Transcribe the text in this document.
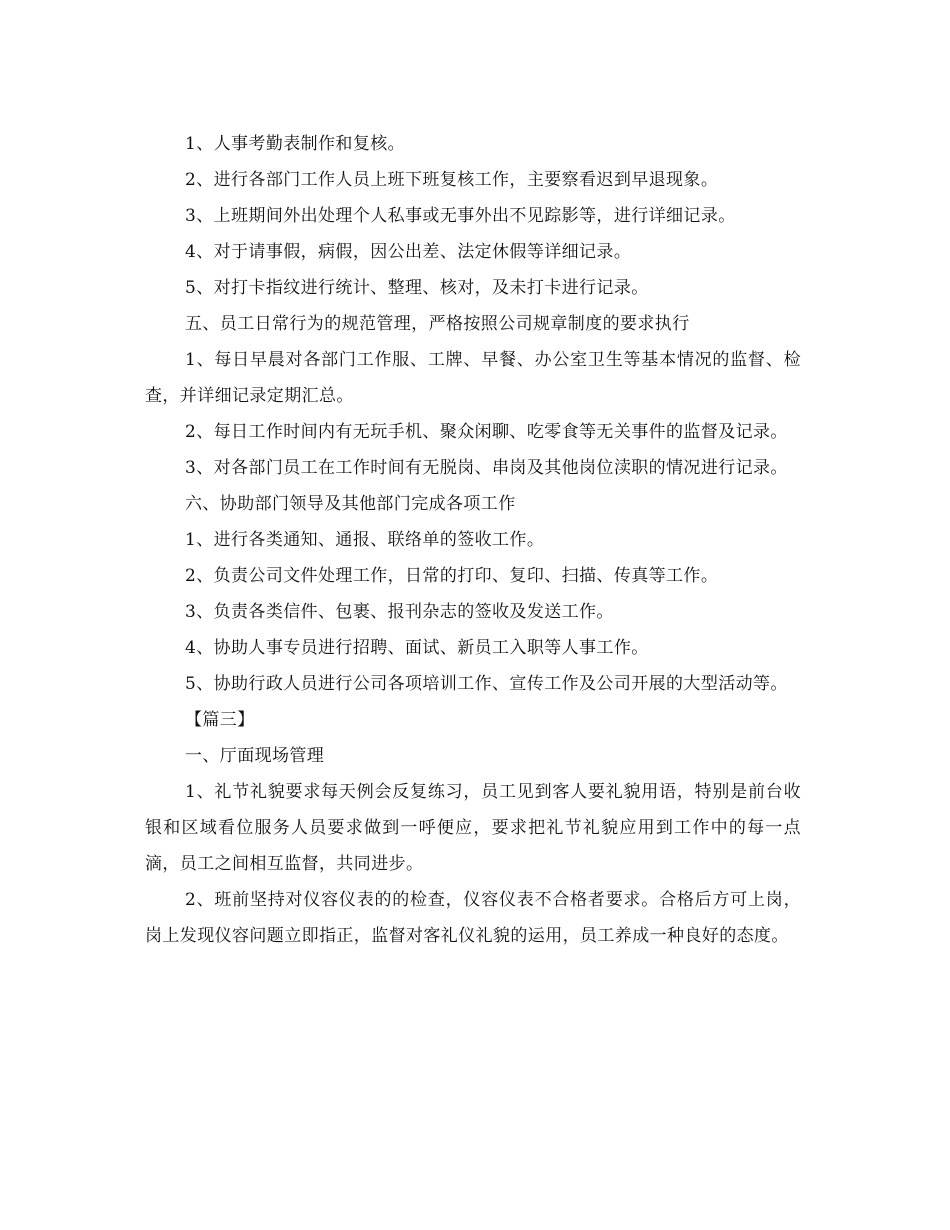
1、人事考勤表制作和复核。

2、进行各部门工作人员上班下班复核工作，主要察看迟到早退现象。

3、上班期间外出处理个人私事或无事外出不见踪影等，进行详细记录。

4、对于请事假，病假，因公出差、法定休假等详细记录。

5、对打卡指纹进行统计、整理、核对，及未打卡进行记录。

五、员工日常行为的规范管理，严格按照公司规章制度的要求执行

1、每日早晨对各部门工作服、工牌、早餐、办公室卫生等基本情况的监督、检查，并详细记录定期汇总。

2、每日工作时间内有无玩手机、聚众闲聊、吃零食等无关事件的监督及记录。

3、对各部门员工在工作时间有无脱岗、串岗及其他岗位渎职的情况进行记录。

六、协助部门领导及其他部门完成各项工作

1、进行各类通知、通报、联络单的签收工作。

2、负责公司文件处理工作，日常的打印、复印、扫描、传真等工作。

3、负责各类信件、包裹、报刊杂志的签收及发送工作。

4、协助人事专员进行招聘、面试、新员工入职等人事工作。

5、协助行政人员进行公司各项培训工作、宣传工作及公司开展的大型活动等。

【篇三】

一、厅面现场管理

1、礼节礼貌要求每天例会反复练习，员工见到客人要礼貌用语，特别是前台收银和区域看位服务人员要求做到一呼便应，要求把礼节礼貌应用到工作中的每一点滴，员工之间相互监督，共同进步。

2、班前坚持对仪容仪表的的检查，仪容仪表不合格者要求。合格后方可上岗，岗上发现仪容问题立即指正，监督对客礼仪礼貌的运用，员工养成一种良好的态度。
